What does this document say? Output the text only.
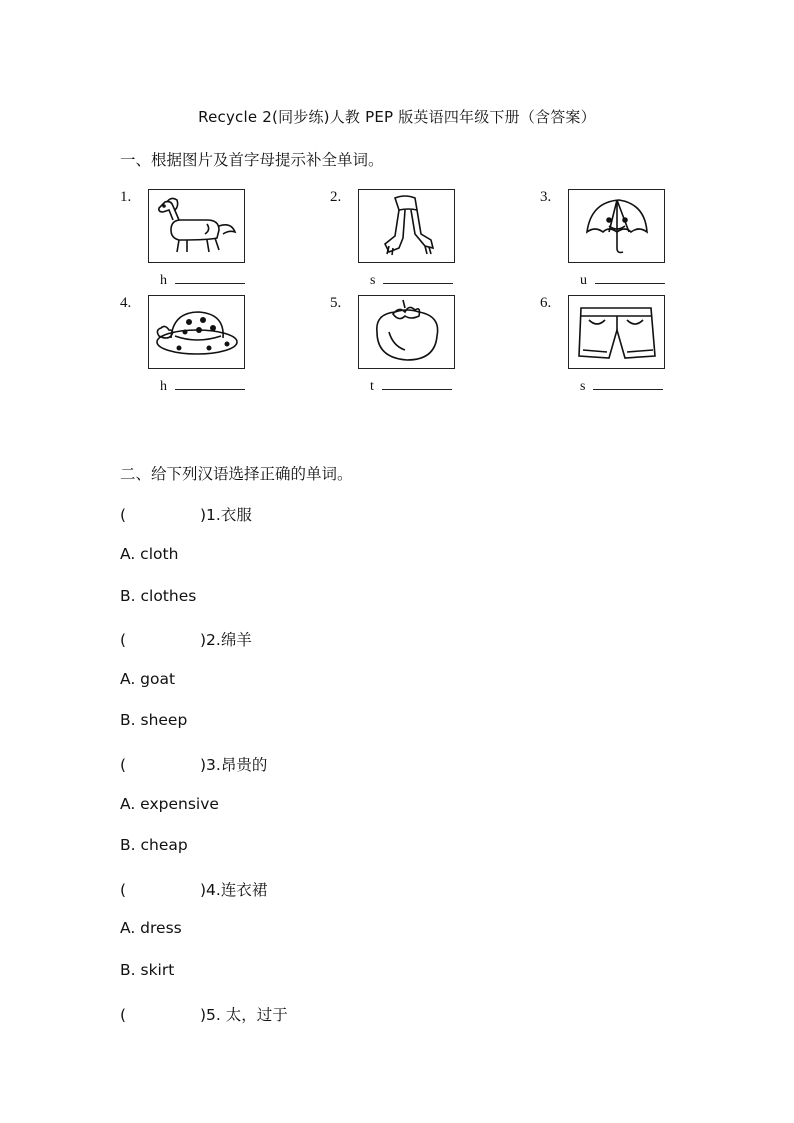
Recycle 2(同步练)人教 PEP 版英语四年级下册（含答案）
一、根据图片及首字母提示补全单词。
1.
h
2.
s
3.
u
4.
h
5.
t
6.
s
二、给下列汉语选择正确的单词。
(	)1.衣服
A. cloth
B. clothes
(	)2.绵羊
A. goat
B. sheep
(	)3.昂贵的
A. expensive
B. cheap
(	)4.连衣裙
A. dress
B. skirt
(	)5. 太，过于
